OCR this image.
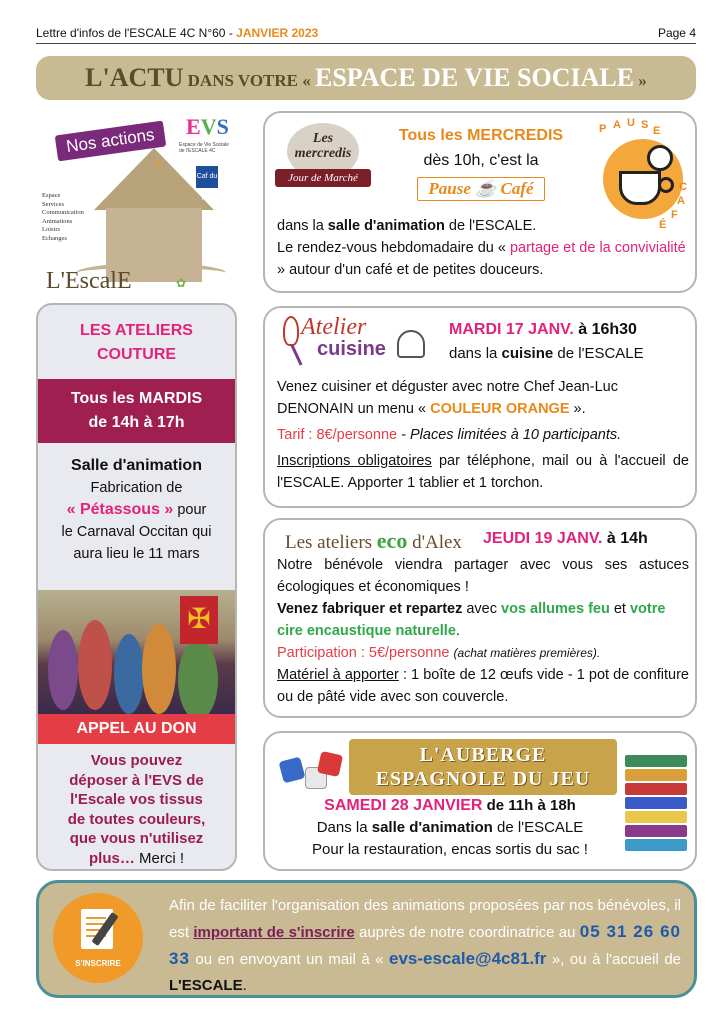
Lettre d'infos de l'ESCALE 4C N°60 - JANVIER 2023	Page 4
L'ACTU DANS VOTRE « ESPACE DE VIE SOCIALE »
Nos actions	EVS
Espace de Vie Sociale de l'ESCALE 4C
♪
Caf du Tarn
Espace
Services
Communication
Animations
Loisirs
Echanges
L'EscalE	✿
LES ATELIERS
COUTURE
Tous les MARDIS
de 14h à 17h
Salle d'animation
Fabrication de
« Pétassous » pour
le Carnaval Occitan qui
aura lieu le 11 mars
✠
APPEL AU DON
Vous pouvez
déposer à l'EVS de
l'Escale vos tissus
de toutes couleurs,
que vous n'utilisez
plus… Merci !
Les
mercredis
Jour de Marché
Tous les MERCREDIS
dès 10h, c'est la
Pause ☕ Café
P A U S E
C
A
F
É
dans la salle d'animation de l'ESCALE.
Le rendez-vous hebdomadaire du « partage et de la convivialité » autour d'un café et de petites douceurs.
Atelier
cuisine
MARDI 17 JANV. à 16h30
dans la cuisine de l'ESCALE
Venez cuisiner et déguster avec notre Chef Jean-Luc DENONAIN un menu « COULEUR ORANGE ».
Tarif : 8€/personne - Places limitées à 10 participants.
Inscriptions obligatoires par téléphone, mail ou à l'accueil de l'ESCALE. Apporter 1 tablier et 1 torchon.
Les ateliers eco d'Alex JEUDI 19 JANV. à 14h
Notre bénévole viendra partager avec vous ses astuces écologiques et économiques !
Venez fabriquer et repartez avec vos allumes feu et votre cire encaustique naturelle.
Participation : 5€/personne (achat matières premières).
Matériel à apporter : 1 boîte de 12 œufs vide - 1 pot de confiture ou de pâté vide avec son couvercle.
L'AUBERGE
ESPAGNOLE DU JEU
SAMEDI 28 JANVIER de 11h à 18h
Dans la salle d'animation de l'ESCALE
Pour la restauration, encas sortis du sac !
S'INSCRIRE
Afin de faciliter l'organisation des animations proposées par nos bénévoles, il est important de s'inscrire auprès de notre coordinatrice au 05 31 26 60 33 ou en envoyant un mail à « evs-escale@4c81.fr », ou à l'accueil de L'ESCALE.
